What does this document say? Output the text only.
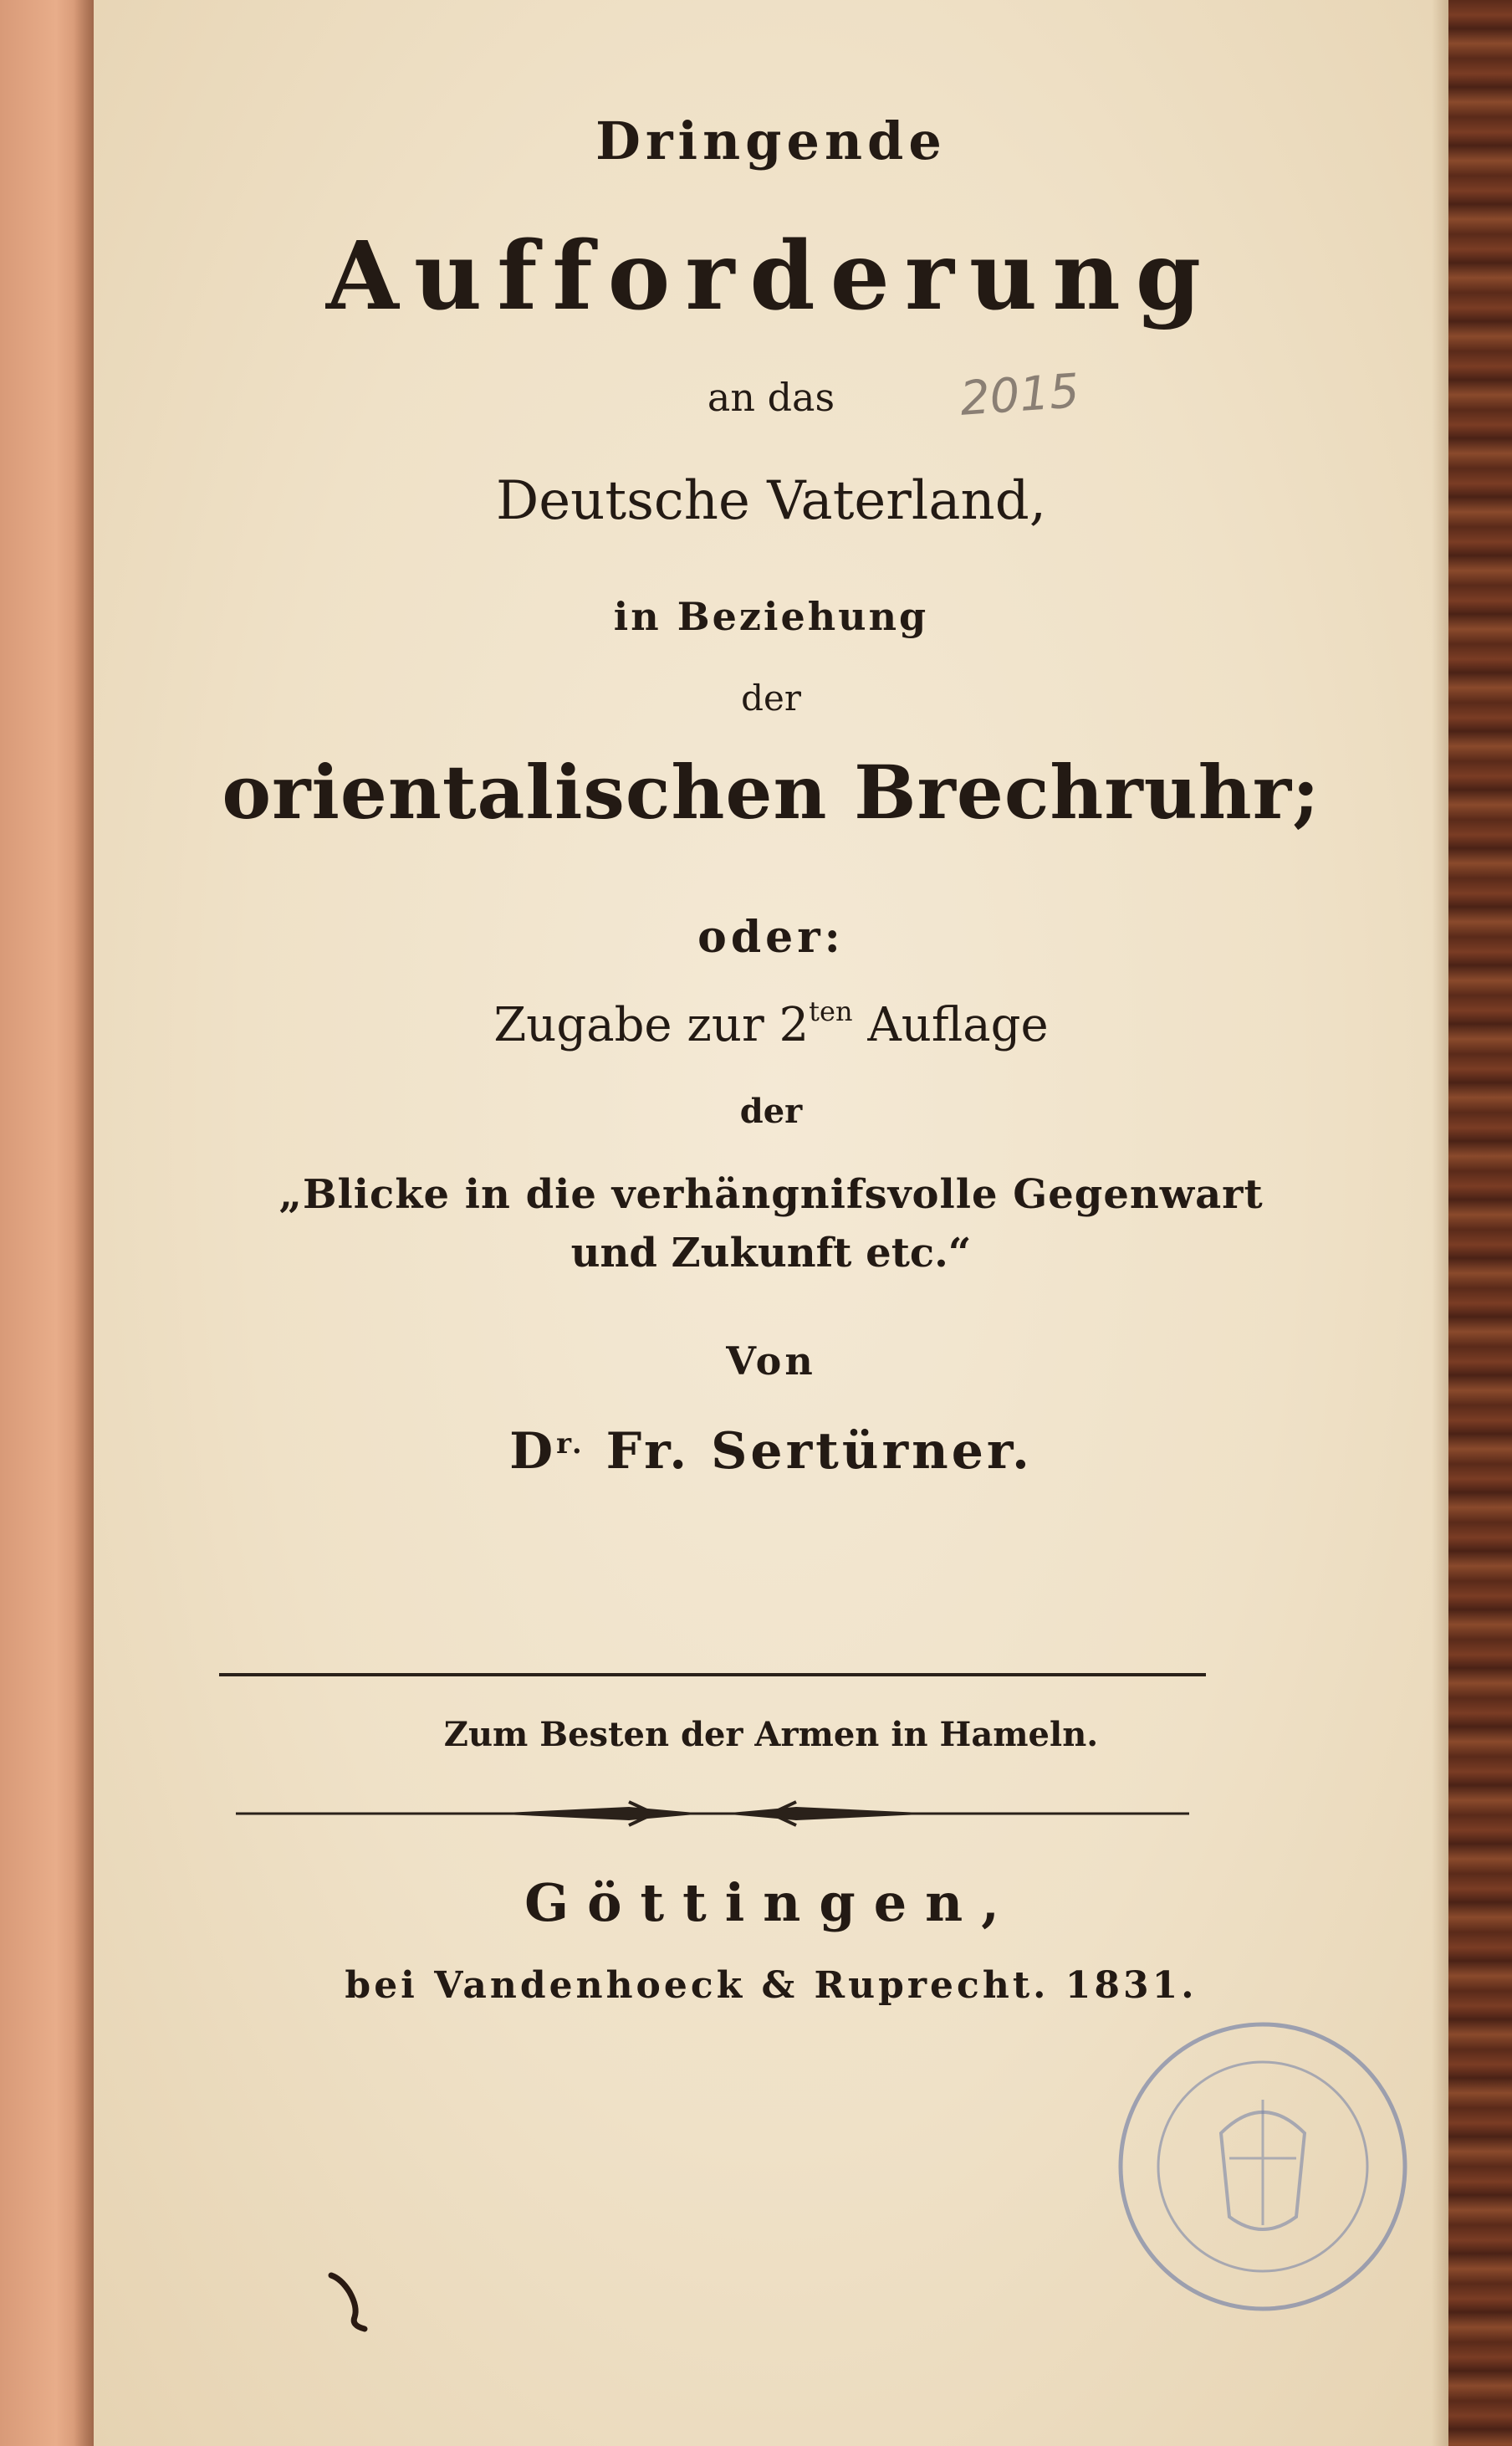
2015

Dringende

Aufforderung

an das

Deutsche Vaterland,

in Beziehung

der

orientalischen Brechruhr;

oder:

Zugabe zur $2^{ten}$ Auflage

der

„Blicke in die verhängnifsvolle Gegenwart

und Zukunft etc.“

Von

$D^{r.}$ Fr. Sertürner.

Zum Besten der Armen in Hameln.

Göttingen,

bei Vandenhoeck & Ruprecht. 1831.
